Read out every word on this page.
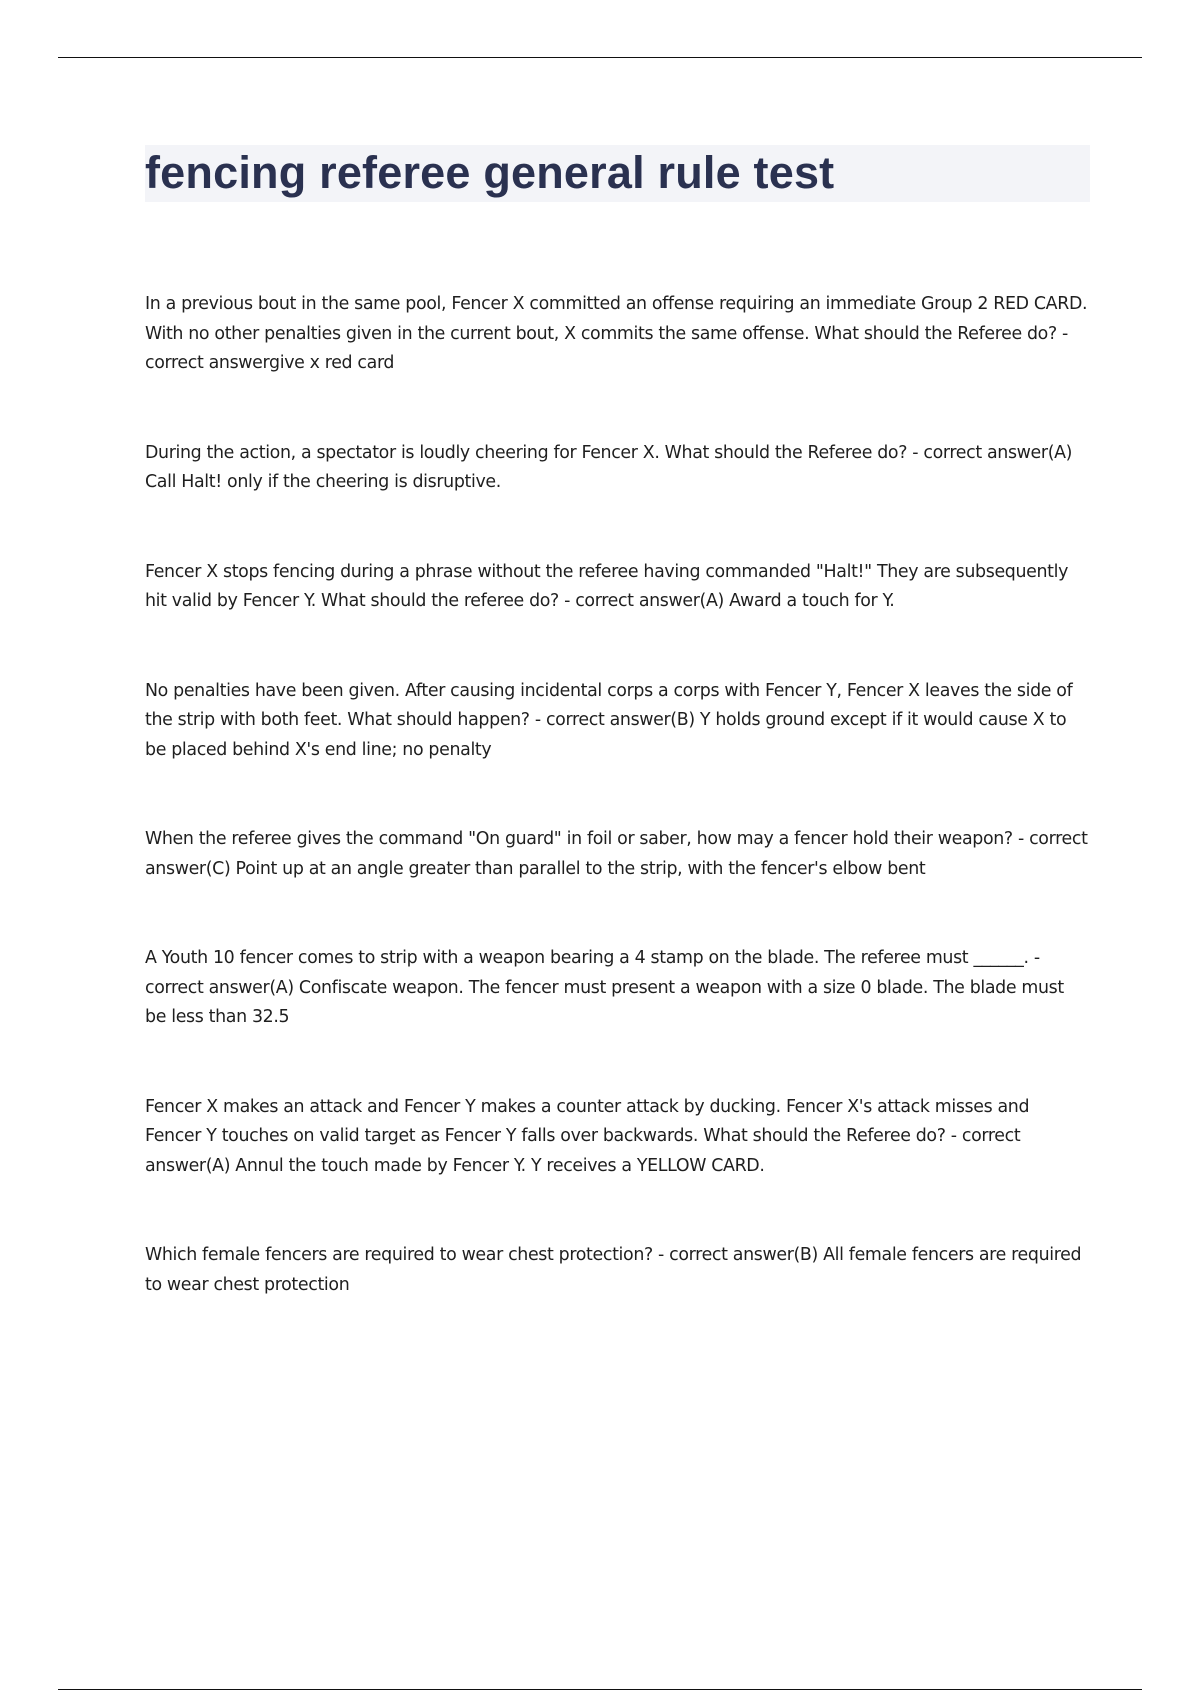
fencing referee general rule test
In a previous bout in the same pool, Fencer X committed an offense requiring an immediate Group 2 RED CARD. With no other penalties given in the current bout, X commits the same offense. What should the Referee do? - correct answergive x red card
During the action, a spectator is loudly cheering for Fencer X. What should the Referee do? - correct answer(A) Call Halt! only if the cheering is disruptive.
Fencer X stops fencing during a phrase without the referee having commanded "Halt!" They are subsequently hit valid by Fencer Y. What should the referee do? - correct answer(A) Award a touch for Y.
No penalties have been given. After causing incidental corps a corps with Fencer Y, Fencer X leaves the side of the strip with both feet. What should happen? - correct answer(B) Y holds ground except if it would cause X to be placed behind X's end line; no penalty
When the referee gives the command "On guard" in foil or saber, how may a fencer hold their weapon? - correct answer(C) Point up at an angle greater than parallel to the strip, with the fencer's elbow bent
A Youth 10 fencer comes to strip with a weapon bearing a 4 stamp on the blade. The referee must ______. - correct answer(A) Confiscate weapon. The fencer must present a weapon with a size 0 blade. The blade must be less than 32.5
Fencer X makes an attack and Fencer Y makes a counter attack by ducking. Fencer X's attack misses and Fencer Y touches on valid target as Fencer Y falls over backwards. What should the Referee do? - correct answer(A) Annul the touch made by Fencer Y. Y receives a YELLOW CARD.
Which female fencers are required to wear chest protection? - correct answer(B) All female fencers are required to wear chest protection
